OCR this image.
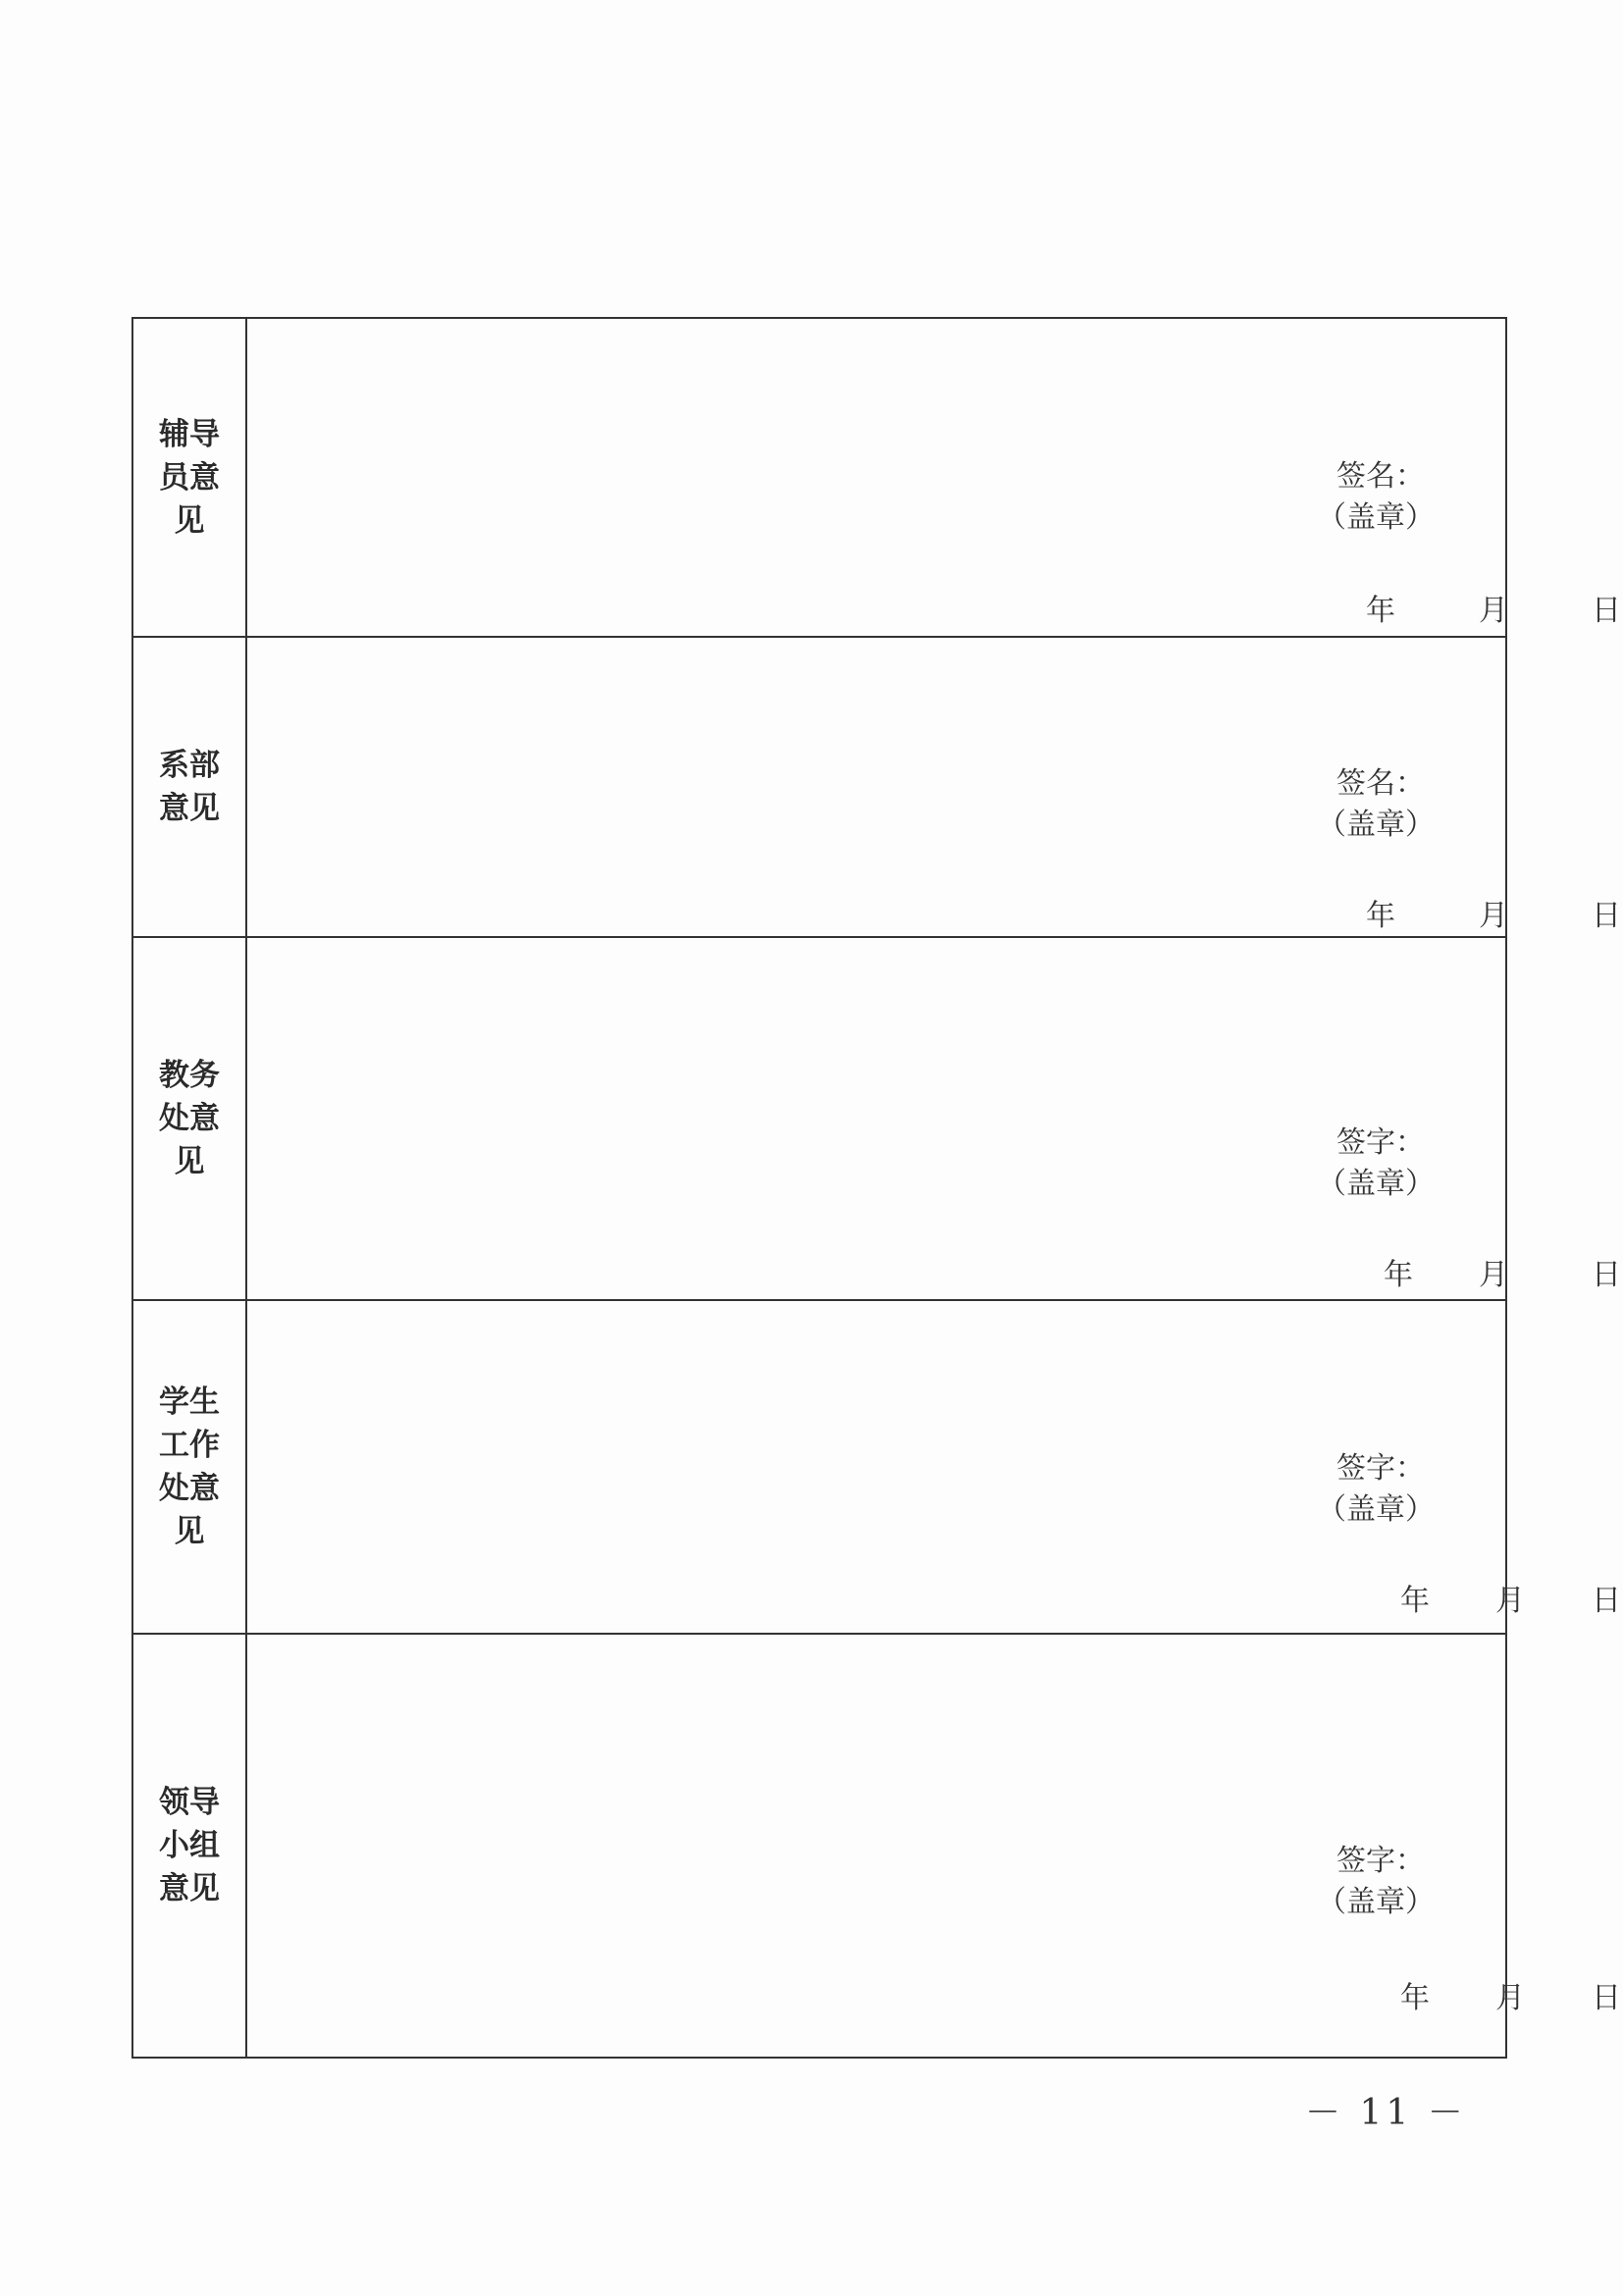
辅导员意见	签名：
（盖章）
年 月 日

系部意见	签名：
（盖章）
年 月 日

教务处意见	签字：
（盖章）
年 月 日

学生工作处意见	签字：
（盖章）
年 月 日

领导小组意见	签字：
（盖章）
年 月 日
－ 11 －
